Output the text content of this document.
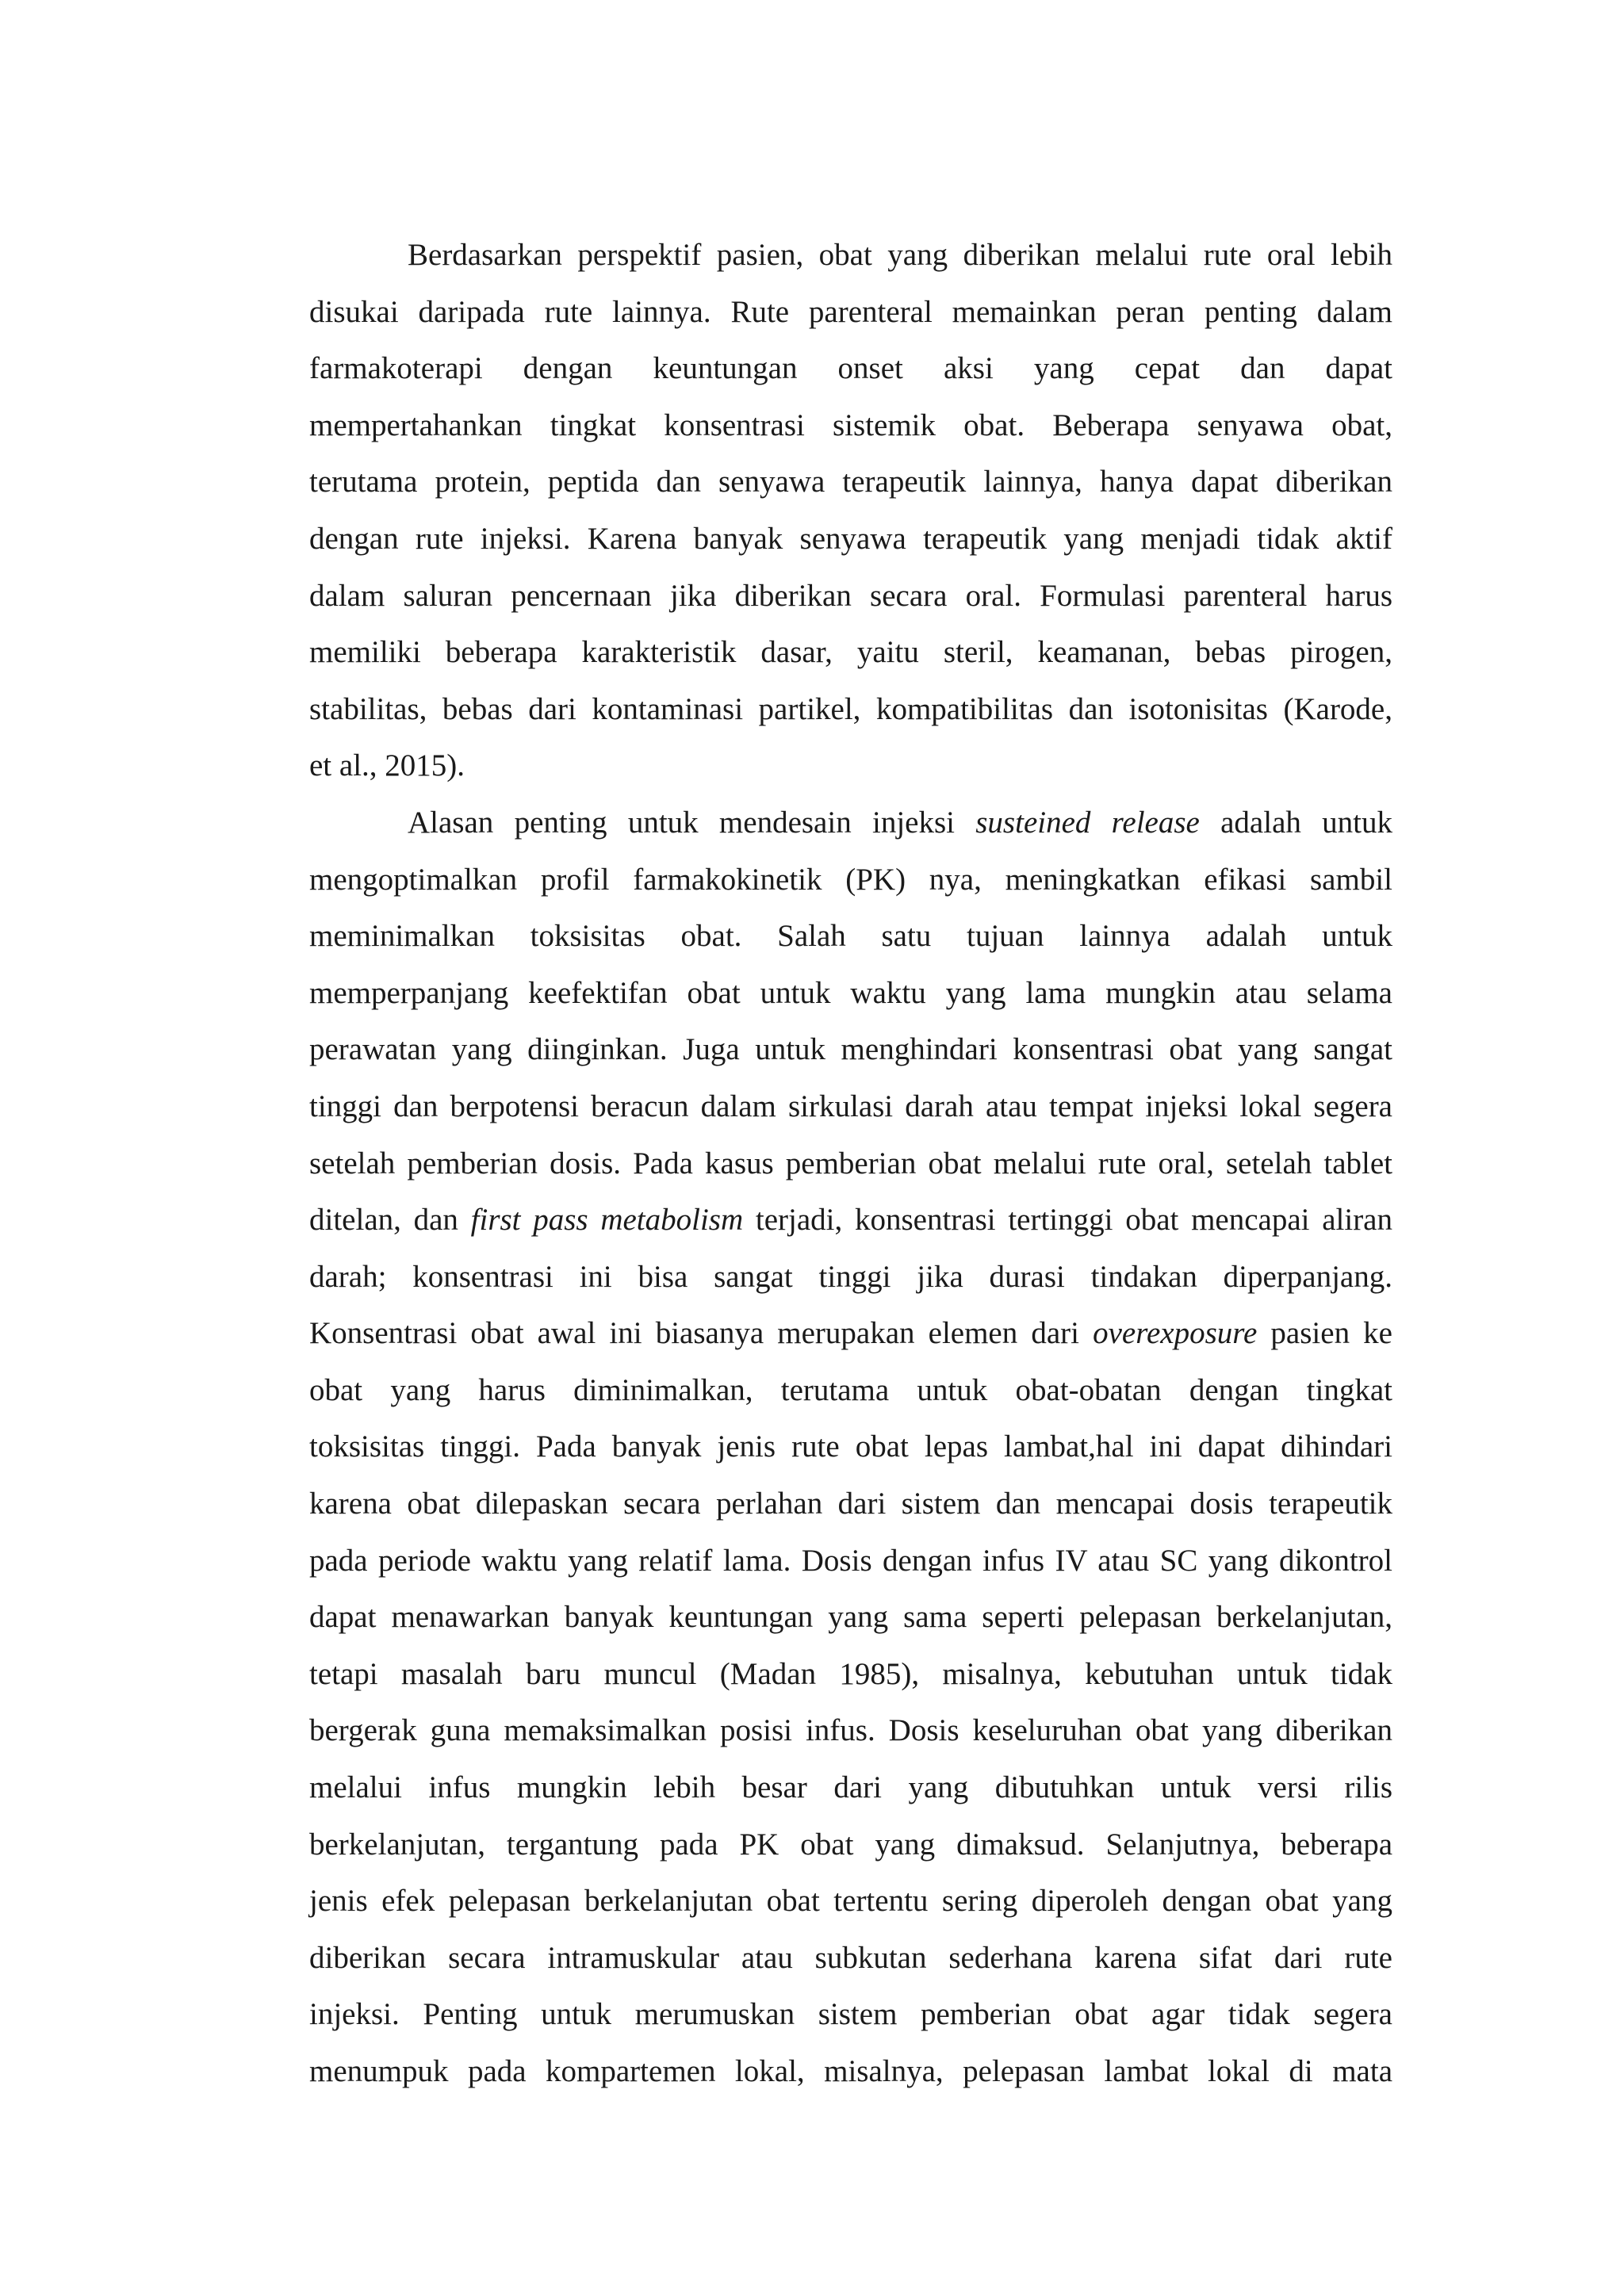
Berdasarkan perspektif pasien, obat yang diberikan melalui rute oral lebih
disukai daripada rute lainnya. Rute parenteral memainkan peran penting dalam
farmakoterapi dengan keuntungan onset aksi yang cepat dan dapat
mempertahankan tingkat konsentrasi sistemik obat. Beberapa senyawa obat,
terutama protein, peptida dan senyawa terapeutik lainnya, hanya dapat diberikan
dengan rute injeksi. Karena banyak senyawa terapeutik yang menjadi tidak aktif
dalam saluran pencernaan jika diberikan secara oral. Formulasi parenteral harus
memiliki beberapa karakteristik dasar, yaitu steril, keamanan, bebas pirogen,
stabilitas, bebas dari kontaminasi partikel, kompatibilitas dan isotonisitas (Karode,
et al., 2015).
Alasan penting untuk mendesain injeksi susteined release adalah untuk
mengoptimalkan profil farmakokinetik (PK) nya, meningkatkan efikasi sambil
meminimalkan toksisitas obat. Salah satu tujuan lainnya adalah untuk
memperpanjang keefektifan obat untuk waktu yang lama mungkin atau selama
perawatan yang diinginkan. Juga untuk menghindari konsentrasi obat yang sangat
tinggi dan berpotensi beracun dalam sirkulasi darah atau tempat injeksi lokal segera
setelah pemberian dosis. Pada kasus pemberian obat melalui rute oral, setelah tablet
ditelan, dan first pass metabolism terjadi, konsentrasi tertinggi obat mencapai aliran
darah; konsentrasi ini bisa sangat tinggi jika durasi tindakan diperpanjang.
Konsentrasi obat awal ini biasanya merupakan elemen dari overexposure pasien ke
obat yang harus diminimalkan, terutama untuk obat-obatan dengan tingkat
toksisitas tinggi. Pada banyak jenis rute obat lepas lambat,hal ini dapat dihindari
karena obat dilepaskan secara perlahan dari sistem dan mencapai dosis terapeutik
pada periode waktu yang relatif lama. Dosis dengan infus IV atau SC yang dikontrol
dapat menawarkan banyak keuntungan yang sama seperti pelepasan berkelanjutan,
tetapi masalah baru muncul (Madan 1985), misalnya, kebutuhan untuk tidak
bergerak guna memaksimalkan posisi infus. Dosis keseluruhan obat yang diberikan
melalui infus mungkin lebih besar dari yang dibutuhkan untuk versi rilis
berkelanjutan, tergantung pada PK obat yang dimaksud. Selanjutnya, beberapa
jenis efek pelepasan berkelanjutan obat tertentu sering diperoleh dengan obat yang
diberikan secara intramuskular atau subkutan sederhana karena sifat dari rute
injeksi. Penting untuk merumuskan sistem pemberian obat agar tidak segera
menumpuk pada kompartemen lokal, misalnya, pelepasan lambat lokal di mata
